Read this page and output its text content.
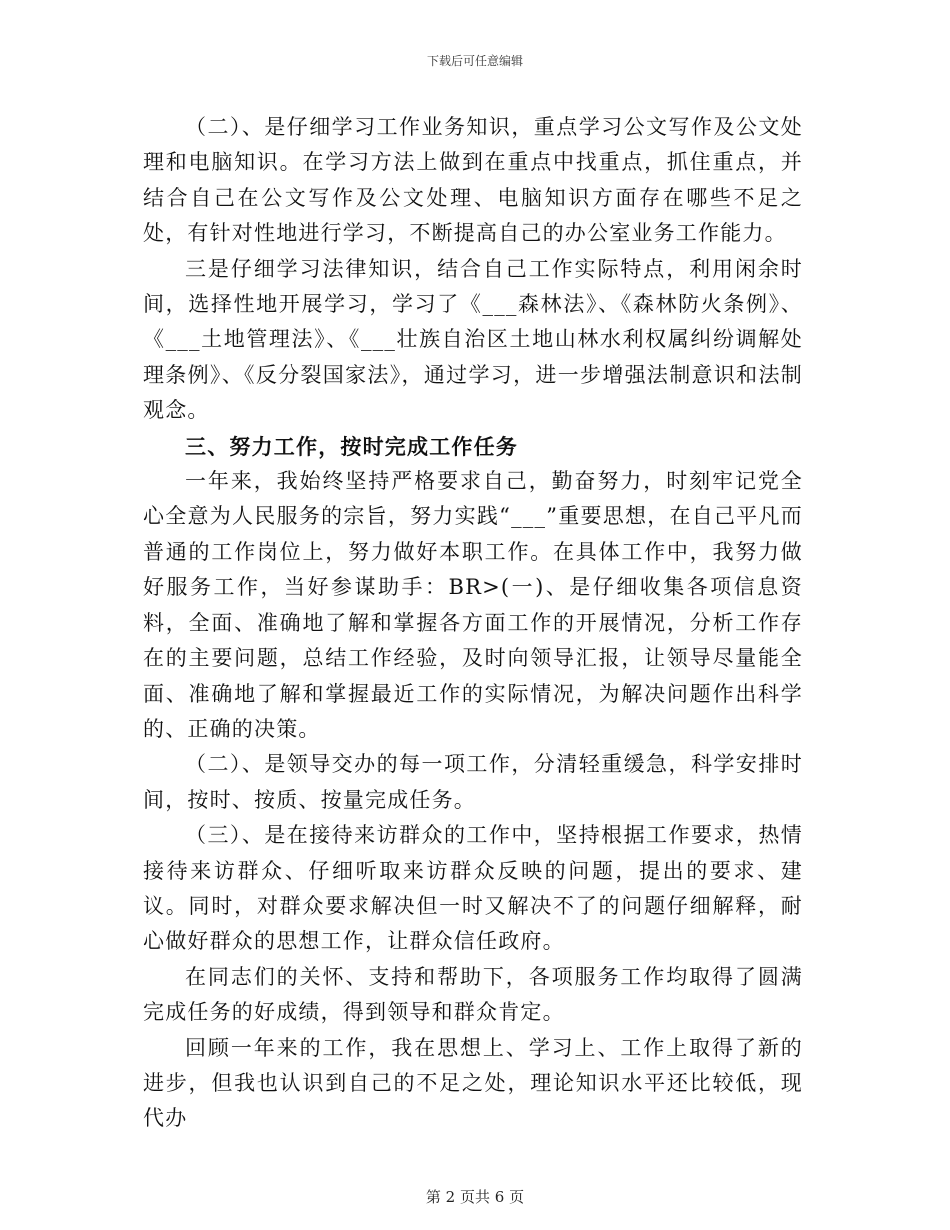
下载后可任意编辑

（二）、是仔细学习工作业务知识，重点学习公文写作及公文处理和电脑知识。在学习方法上做到在重点中找重点，抓住重点，并结合自己在公文写作及公文处理、电脑知识方面存在哪些不足之处，有针对性地进行学习，不断提高自己的办公室业务工作能力。

三是仔细学习法律知识，结合自己工作实际特点，利用闲余时间，选择性地开展学习，学习了《___森林法》、《森林防火条例》、《___土地管理法》、《___壮族自治区土地山林水利权属纠纷调解处理条例》、《反分裂国家法》，通过学习，进一步增强法制意识和法制观念。

三、努力工作，按时完成工作任务

一年来，我始终坚持严格要求自己，勤奋努力，时刻牢记党全心全意为人民服务的宗旨，努力实践“___”重要思想，在自己平凡而普通的工作岗位上，努力做好本职工作。在具体工作中，我努力做好服务工作，当好参谋助手：BR>(一)、是仔细收集各项信息资料，全面、准确地了解和掌握各方面工作的开展情况，分析工作存在的主要问题，总结工作经验，及时向领导汇报，让领导尽量能全面、准确地了解和掌握最近工作的实际情况，为解决问题作出科学的、正确的决策。

（二）、是领导交办的每一项工作，分清轻重缓急，科学安排时间，按时、按质、按量完成任务。

（三）、是在接待来访群众的工作中，坚持根据工作要求，热情接待来访群众、仔细听取来访群众反映的问题，提出的要求、建议。同时，对群众要求解决但一时又解决不了的问题仔细解释，耐心做好群众的思想工作，让群众信任政府。

在同志们的关怀、支持和帮助下，各项服务工作均取得了圆满完成任务的好成绩，得到领导和群众肯定。

回顾一年来的工作，我在思想上、学习上、工作上取得了新的进步，但我也认识到自己的不足之处，理论知识水平还比较低，现代办

第 2 页共 6 页
